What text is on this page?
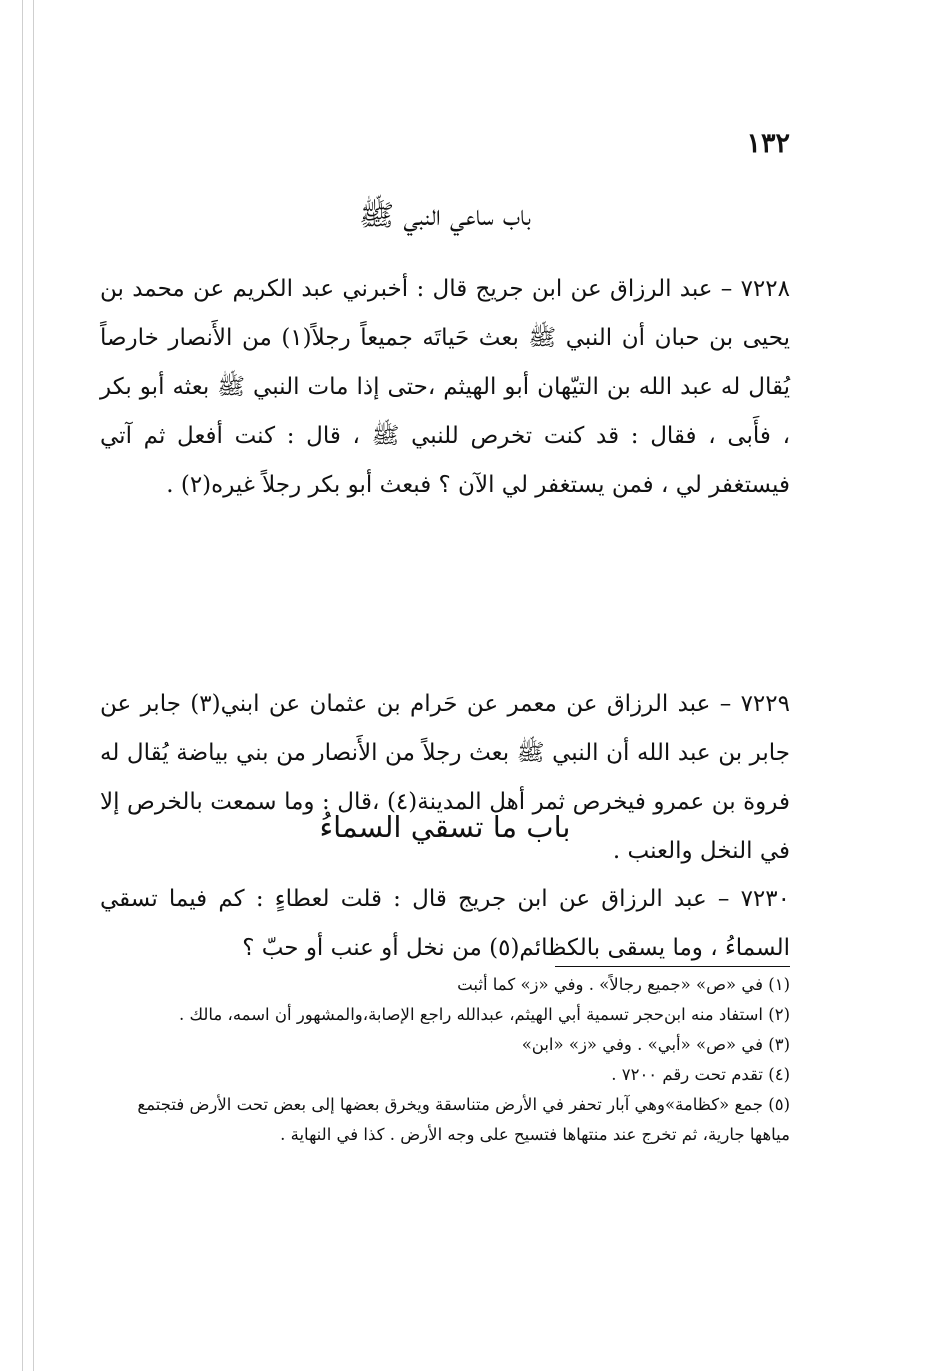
١٣٢
باب ساعي النبي ﷺ

٧٢٢٨ – عبد الرزاق عن ابن جريج قال : أخبرني عبد الكريم عن محمد بن يحيى بن حبان أن النبي ﷺ بعث حَياتَه جميعاً رجلاً(١) من الأَنصار خارصاً يُقال له عبد الله بن التيّهان أبو الهيثم ،حتى إذا مات النبي ﷺ بعثه أبو بكر ، فأَبى ، فقال : قد كنت تخرص للنبي ﷺ ، قال : كنت أفعل ثم آتي فيستغفر لي ، فمن يستغفر لي الآن ؟ فبعث أبو بكر رجلاً غيره(٢) .

٧٢٢٩ – عبد الرزاق عن معمر عن حَرام بن عثمان عن ابني(٣) جابر عن جابر بن عبد الله أن النبي ﷺ بعث رجلاً من الأَنصار من بني بياضة يُقال له فروة بن عمرو فيخرص ثمر أهل المدينة(٤) ،قال : وما سمعت بالخرص إلا في النخل والعنب .

باب ما تسقي السماءُ

٧٢٣٠ – عبد الرزاق عن ابن جريج قال : قلت لعطاءٍ : كم فيما تسقي السماءُ ، وما يسقى بالكظائم(٥) من نخل أو عنب أو حبّ ؟

(١) في «ص» «جميع رجالاً» . وفي «ز» كما أثبت
(٢) استفاد منه ابن‌حجر تسمية أبي الهيثم، عبدالله راجع الإصابة،والمشهور أن اسمه، مالك .
(٣) في «ص» «أبي» . وفي «ز» «ابن»
(٤) تقدم تحت رقم ٧٢٠٠ .
(٥) جمع «كظامة»وهي آبار تحفر في الأرض متناسقة ويخرق بعضها إلى بعض تحت الأرض فتجتمع مياهها جارية، ثم تخرج عند منتهاها فتسيح على وجه الأرض . كذا في النهاية .
